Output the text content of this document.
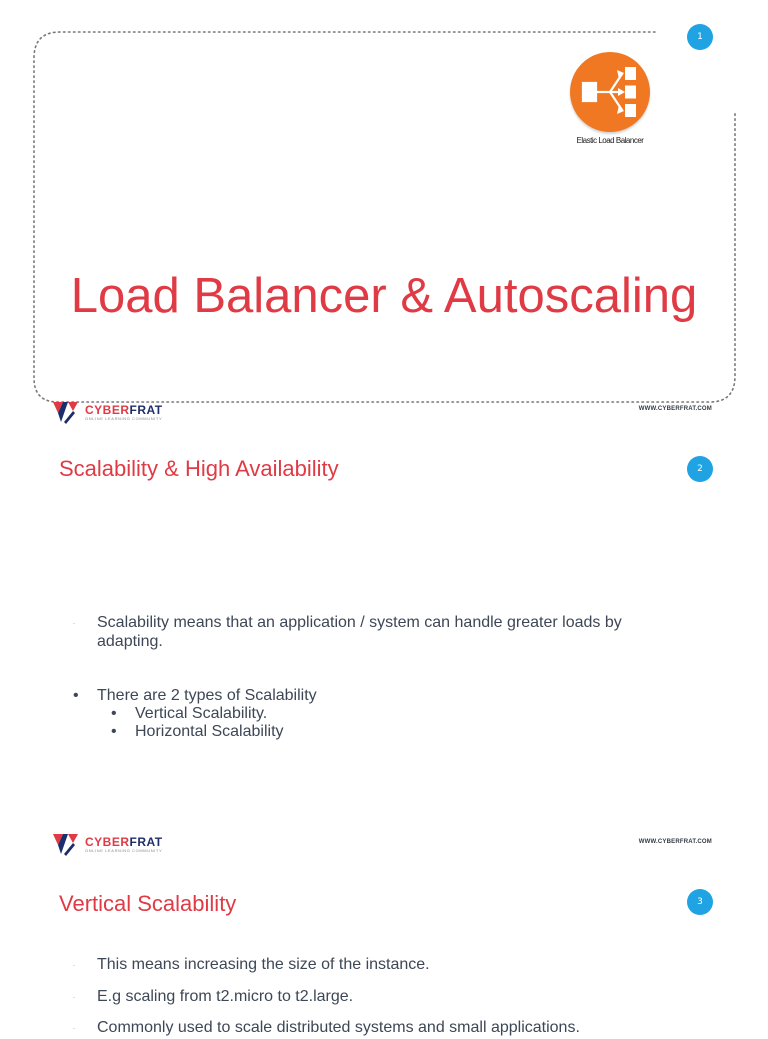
1
Elastic Load Balancer
Load Balancer & Autoscaling
CYBERFRAT
ONLINE LEARNING COMMUNITY
WWW.CYBERFRAT.COM
Scalability & High Availability	2
· Scalability means that an application / system can handle greater loads by adapting.
• There are 2 types of Scalability
• Vertical Scalability.
• Horizontal Scalability
CYBERFRAT
ONLINE LEARNING COMMUNITY
WWW.CYBERFRAT.COM
Vertical Scalability	3
· This means increasing the size of the instance.
· E.g scaling from t2.micro to t2.large.
· Commonly used to scale distributed systems and small applications.
